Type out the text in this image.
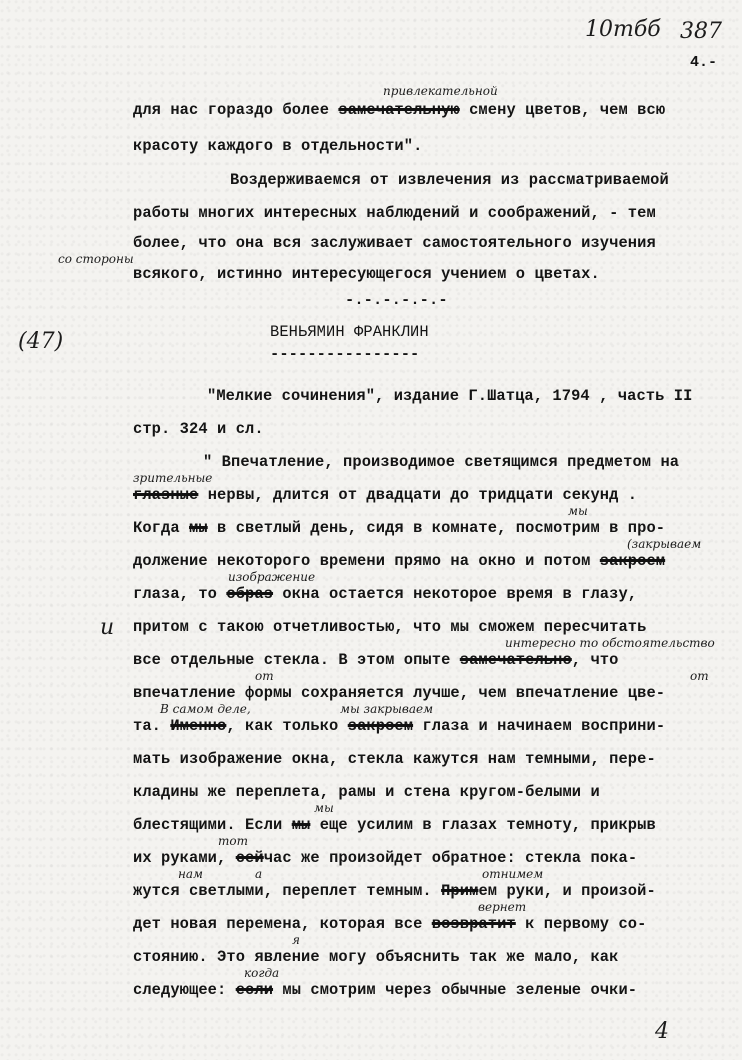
для нас гораздо более замечательную смену цветов, чем всю
красоту каждого в отдельности".
Воздерживаемся от извлечения из рассматриваемой
работы многих интересных наблюдений и соображений, - тем
более, что она вся заслуживает самостоятельного изучения
всякого, истинно интересующегося учением о цветах.
-.-.-.-.-.-
ВЕНЬЯМИН ФРАНКЛИН
----------------
"Мелкие сочинения", издание Г.Шатца, 1794 , часть II
стр. 324 и сл.
" Впечатление, производимое светящимся предметом на
глазные нервы, длится от двадцати до тридцати секунд .
Когда мы в светлый день, сидя в комнате, посмотрим в про-
должение некоторого времени прямо на окно и потом закроем
глаза, то образ окна остается некоторое время в глазу,
притом с такою отчетливостью, что мы сможем пересчитать
все отдельные стекла. В этом опыте замечательно, что
впечатление формы сохраняется лучше, чем впечатление цве-
та. Именно, как только закроем глаза и начинаем восприни-
мать изображение окна, стекла кажутся нам темными, пере-
кладины же переплета, рамы и стена кругом-белыми и
блестящими. Если мы еще усилим в глазах темноту, прикрыв
их руками, сейчас же произойдет обратное: стекла пока-
жутся светлыми, переплет темным. Примем руки, и произой-
дет новая перемена, которая все возвратит к первому со-
стоянию. Это явление могу объяснить так же мало, как
следующее: если мы смотрим через обычные зеленые очки-
10тбб 387
4.-
привлекательной
со стороны
(47)
зрительные
мы
(закрываем
изображение
и
интересно то обстоятельство
от	от
В самом деле,	мы закрываем
мы
тот
нам	а	отнимем
вернет
я
когда
4
